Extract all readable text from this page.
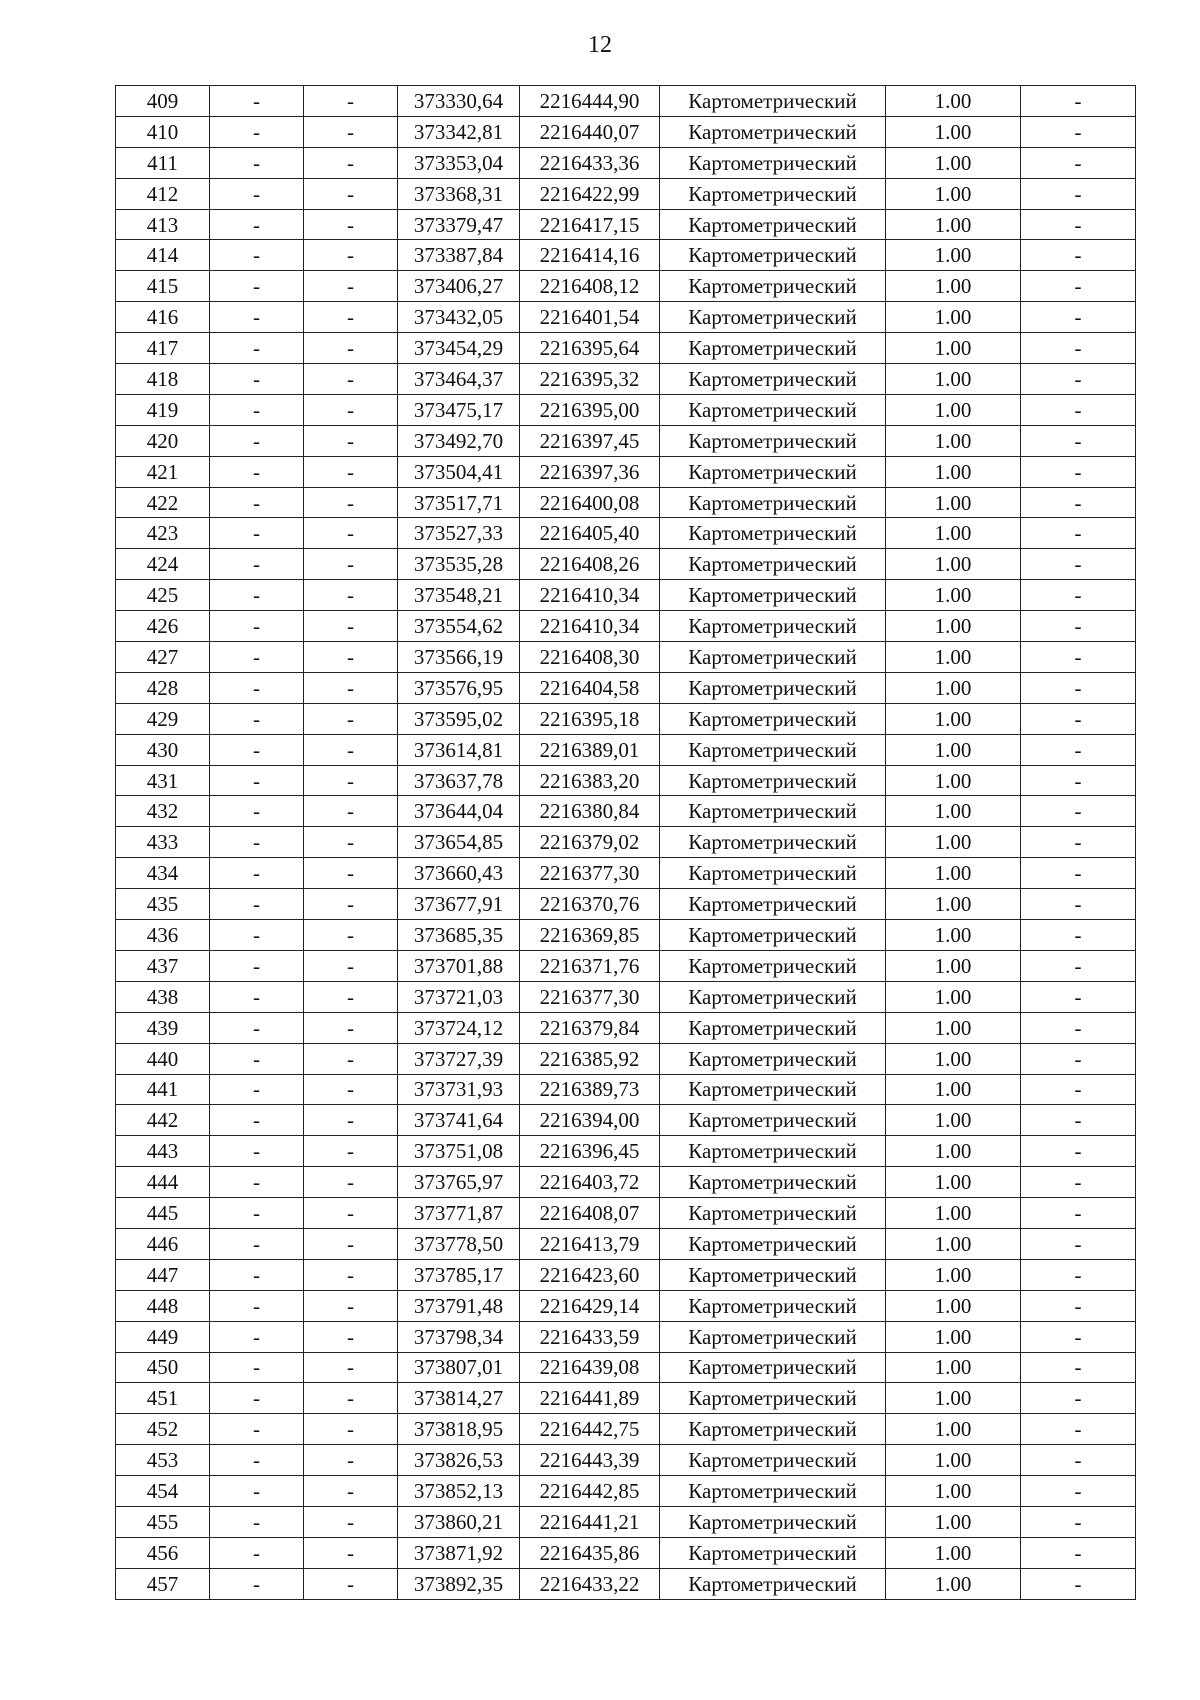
12
409	-	-	373330,64	2216444,90	Картометрический	1.00	-
410	-	-	373342,81	2216440,07	Картометрический	1.00	-
411	-	-	373353,04	2216433,36	Картометрический	1.00	-
412	-	-	373368,31	2216422,99	Картометрический	1.00	-
413	-	-	373379,47	2216417,15	Картометрический	1.00	-
414	-	-	373387,84	2216414,16	Картометрический	1.00	-
415	-	-	373406,27	2216408,12	Картометрический	1.00	-
416	-	-	373432,05	2216401,54	Картометрический	1.00	-
417	-	-	373454,29	2216395,64	Картометрический	1.00	-
418	-	-	373464,37	2216395,32	Картометрический	1.00	-
419	-	-	373475,17	2216395,00	Картометрический	1.00	-
420	-	-	373492,70	2216397,45	Картометрический	1.00	-
421	-	-	373504,41	2216397,36	Картометрический	1.00	-
422	-	-	373517,71	2216400,08	Картометрический	1.00	-
423	-	-	373527,33	2216405,40	Картометрический	1.00	-
424	-	-	373535,28	2216408,26	Картометрический	1.00	-
425	-	-	373548,21	2216410,34	Картометрический	1.00	-
426	-	-	373554,62	2216410,34	Картометрический	1.00	-
427	-	-	373566,19	2216408,30	Картометрический	1.00	-
428	-	-	373576,95	2216404,58	Картометрический	1.00	-
429	-	-	373595,02	2216395,18	Картометрический	1.00	-
430	-	-	373614,81	2216389,01	Картометрический	1.00	-
431	-	-	373637,78	2216383,20	Картометрический	1.00	-
432	-	-	373644,04	2216380,84	Картометрический	1.00	-
433	-	-	373654,85	2216379,02	Картометрический	1.00	-
434	-	-	373660,43	2216377,30	Картометрический	1.00	-
435	-	-	373677,91	2216370,76	Картометрический	1.00	-
436	-	-	373685,35	2216369,85	Картометрический	1.00	-
437	-	-	373701,88	2216371,76	Картометрический	1.00	-
438	-	-	373721,03	2216377,30	Картометрический	1.00	-
439	-	-	373724,12	2216379,84	Картометрический	1.00	-
440	-	-	373727,39	2216385,92	Картометрический	1.00	-
441	-	-	373731,93	2216389,73	Картометрический	1.00	-
442	-	-	373741,64	2216394,00	Картометрический	1.00	-
443	-	-	373751,08	2216396,45	Картометрический	1.00	-
444	-	-	373765,97	2216403,72	Картометрический	1.00	-
445	-	-	373771,87	2216408,07	Картометрический	1.00	-
446	-	-	373778,50	2216413,79	Картометрический	1.00	-
447	-	-	373785,17	2216423,60	Картометрический	1.00	-
448	-	-	373791,48	2216429,14	Картометрический	1.00	-
449	-	-	373798,34	2216433,59	Картометрический	1.00	-
450	-	-	373807,01	2216439,08	Картометрический	1.00	-
451	-	-	373814,27	2216441,89	Картометрический	1.00	-
452	-	-	373818,95	2216442,75	Картометрический	1.00	-
453	-	-	373826,53	2216443,39	Картометрический	1.00	-
454	-	-	373852,13	2216442,85	Картометрический	1.00	-
455	-	-	373860,21	2216441,21	Картометрический	1.00	-
456	-	-	373871,92	2216435,86	Картометрический	1.00	-
457	-	-	373892,35	2216433,22	Картометрический	1.00	-
